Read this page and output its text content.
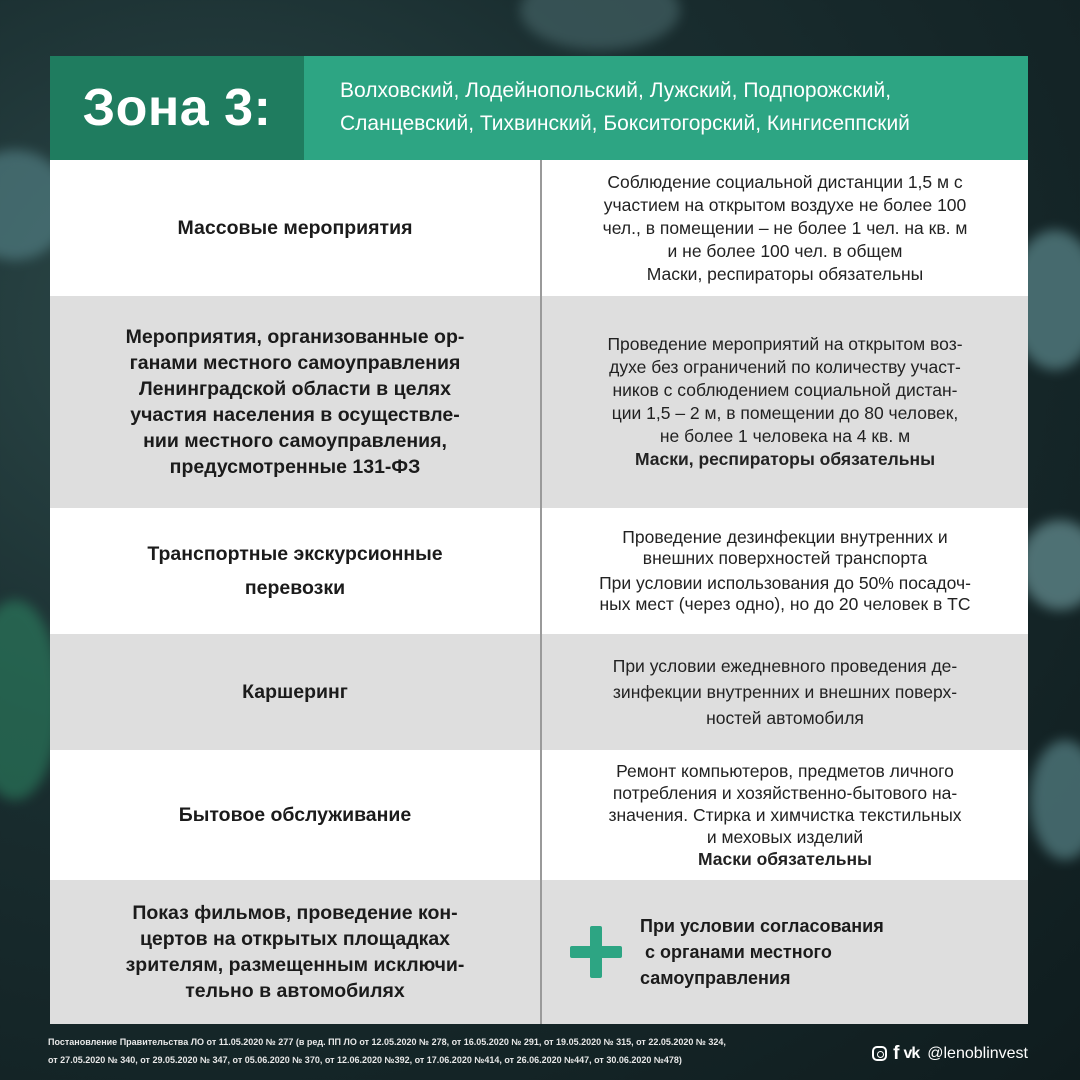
Зона 3:	Волховский, Лодейнопольский, Лужский, Подпорожский,
Сланцевский, Тихвинский, Бокситогорский, Кингисеппский
Массовые мероприятия
Соблюдение социальной дистанции 1,5 м с
участием на открытом воздухе не более 100
чел., в помещении – не более 1 чел. на кв. м
и не более 100 чел. в общем
Маски, респираторы обязательны
Мероприятия, организованные ор-
ганами местного самоуправления
Ленинградской области в целях
участия населения в осуществле-
нии местного самоуправления,
предусмотренные 131-ФЗ
Проведение мероприятий на открытом воз-
духе без ограничений по количеству участ-
ников с соблюдением социальной дистан-
ции 1,5 – 2 м, в помещении до 80 человек,
не более 1 человека на 4 кв. м
Маски, респираторы обязательны
Транспортные экскурсионные
перевозки
Проведение дезинфекции внутренних и
внешних поверхностей транспорта
При условии использования до 50% посадоч-
ных мест (через одно), но до 20 человек в ТС
Каршеринг
При условии ежедневного проведения де-
зинфекции внутренних и внешних поверх-
ностей автомобиля
Бытовое обслуживание
Ремонт компьютеров, предметов личного
потребления и хозяйственно-бытового на-
значения. Стирка и химчистка текстильных
и меховых изделий
Маски обязательны
Показ фильмов, проведение кон-
цертов на открытых площадках
зрителям, размещенным исключи-
тельно в автомобилях
При условии согласования
с органами местного
самоуправления
Постановление Правительства ЛО от 11.05.2020 № 277 (в ред. ПП ЛО от 12.05.2020 № 278, от 16.05.2020 № 291, от 19.05.2020 № 315, от 22.05.2020 № 324,
от 27.05.2020 № 340, от 29.05.2020 № 347, от 05.06.2020 № 370, от 12.06.2020 №392, от 17.06.2020 №414, от 26.06.2020 №447, от 30.06.2020 №478)	f vk @lenoblinvest
